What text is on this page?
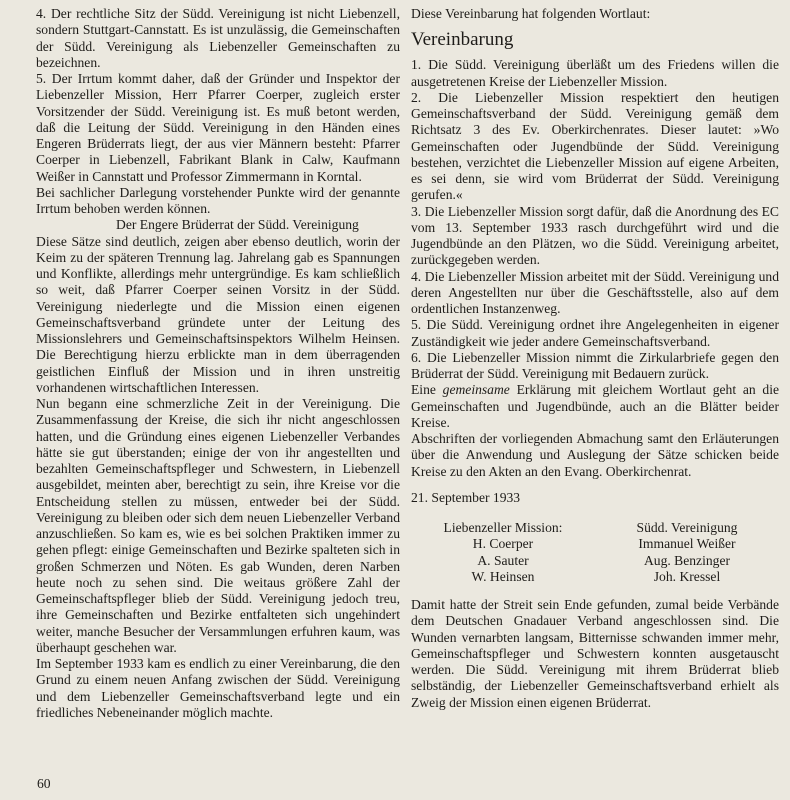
4. Der rechtliche Sitz der Südd. Vereinigung ist nicht Liebenzell, sondern Stuttgart-Cannstatt. Es ist unzulässig, die Gemeinschaften der Südd. Vereinigung als Liebenzeller Gemeinschaften zu bezeichnen.

5. Der Irrtum kommt daher, daß der Gründer und Inspektor der Liebenzeller Mission, Herr Pfarrer Coerper, zugleich erster Vorsitzender der Südd. Vereinigung ist. Es muß betont werden, daß die Leitung der Südd. Vereinigung in den Händen eines Engeren Brüderrats liegt, der aus vier Männern besteht: Pfarrer Coerper in Liebenzell, Fabrikant Blank in Calw, Kaufmann Weißer in Cannstatt und Professor Zimmermann in Korntal.

Bei sachlicher Darlegung vorstehender Punkte wird der genannte Irrtum behoben werden können.

Der Engere Brüderrat der Südd. Vereinigung

Diese Sätze sind deutlich, zeigen aber ebenso deutlich, worin der Keim zu der späteren Trennung lag. Jahrelang gab es Spannungen und Konflikte, allerdings mehr untergründige. Es kam schließlich so weit, daß Pfarrer Coerper seinen Vorsitz in der Südd. Vereinigung niederlegte und die Mission einen eigenen Gemeinschaftsverband gründete unter der Leitung des Missionslehrers und Gemeinschaftsinspektors Wilhelm Heinsen. Die Berechtigung hierzu erblickte man in dem überragenden geistlichen Einfluß der Mission und in ihren unstreitig vorhandenen wirtschaftlichen Interessen.

Nun begann eine schmerzliche Zeit in der Vereinigung. Die Zusammenfassung der Kreise, die sich ihr nicht angeschlossen hatten, und die Gründung eines eigenen Liebenzeller Verbandes hätte sie gut überstanden; einige der von ihr angestellten und bezahlten Gemeinschaftspfleger und Schwestern, in Liebenzell ausgebildet, meinten aber, berechtigt zu sein, ihre Kreise vor die Entscheidung stellen zu müssen, entweder bei der Südd. Vereinigung zu bleiben oder sich dem neuen Liebenzeller Verband anzuschließen. So kam es, wie es bei solchen Praktiken immer zu gehen pflegt: einige Gemeinschaften und Bezirke spalteten sich in großen Schmerzen und Nöten. Es gab Wunden, deren Narben heute noch zu sehen sind. Die weitaus größere Zahl der Gemeinschaftspfleger blieb der Südd. Vereinigung jedoch treu, ihre Gemeinschaften und Bezirke entfalteten sich ungehindert weiter, manche Besucher der Versammlungen erfuhren kaum, was überhaupt geschehen war.

Im September 1933 kam es endlich zu einer Vereinbarung, die den Grund zu einem neuen Anfang zwischen der Südd. Vereinigung und dem Liebenzeller Gemeinschaftsverband legte und ein friedliches Nebeneinander möglich machte.

Diese Vereinbarung hat folgenden Wortlaut:

Vereinbarung

1. Die Südd. Vereinigung überläßt um des Friedens willen die ausgetretenen Kreise der Liebenzeller Mission.

2. Die Liebenzeller Mission respektiert den heutigen Gemeinschaftsverband der Südd. Vereinigung gemäß dem Richtsatz 3 des Ev. Oberkirchenrates. Dieser lautet: »Wo Gemeinschaften oder Jugendbünde der Südd. Vereinigung bestehen, verzichtet die Liebenzeller Mission auf eigene Arbeiten, es sei denn, sie wird vom Brüderrat der Südd. Vereinigung gerufen.«

3. Die Liebenzeller Mission sorgt dafür, daß die Anordnung des EC vom 13. September 1933 rasch durchgeführt wird und die Jugendbünde an den Plätzen, wo die Südd. Vereinigung arbeitet, zurückgegeben werden.

4. Die Liebenzeller Mission arbeitet mit der Südd. Vereinigung und deren Angestellten nur über die Geschäftsstelle, also auf dem ordentlichen Instanzenweg.

5. Die Südd. Vereinigung ordnet ihre Angelegenheiten in eigener Zuständigkeit wie jeder andere Gemeinschaftsverband.

6. Die Liebenzeller Mission nimmt die Zirkularbriefe gegen den Brüderrat der Südd. Vereinigung mit Bedauern zurück.

Eine gemeinsame Erklärung mit gleichem Wortlaut geht an die Gemeinschaften und Jugendbünde, auch an die Blätter beider Kreise.

Abschriften der vorliegenden Abmachung samt den Erläuterungen über die Anwendung und Auslegung der Sätze schicken beide Kreise zu den Akten an den Evang. Oberkirchenrat.

21. September 1933

Liebenzeller Mission:
H. Coerper
A. Sauter
W. Heinsen
Südd. Vereinigung
Immanuel Weißer
Aug. Benzinger
Joh. Kressel

Damit hatte der Streit sein Ende gefunden, zumal beide Verbände dem Deutschen Gnadauer Verband angeschlossen sind. Die Wunden vernarbten langsam, Bitternisse schwanden immer mehr, Gemeinschaftspfleger und Schwestern konnten ausgetauscht werden. Die Südd. Vereinigung mit ihrem Brüderrat blieb selbständig, der Liebenzeller Gemeinschaftsverband erhielt als Zweig der Mission einen eigenen Brüderrat.

60
